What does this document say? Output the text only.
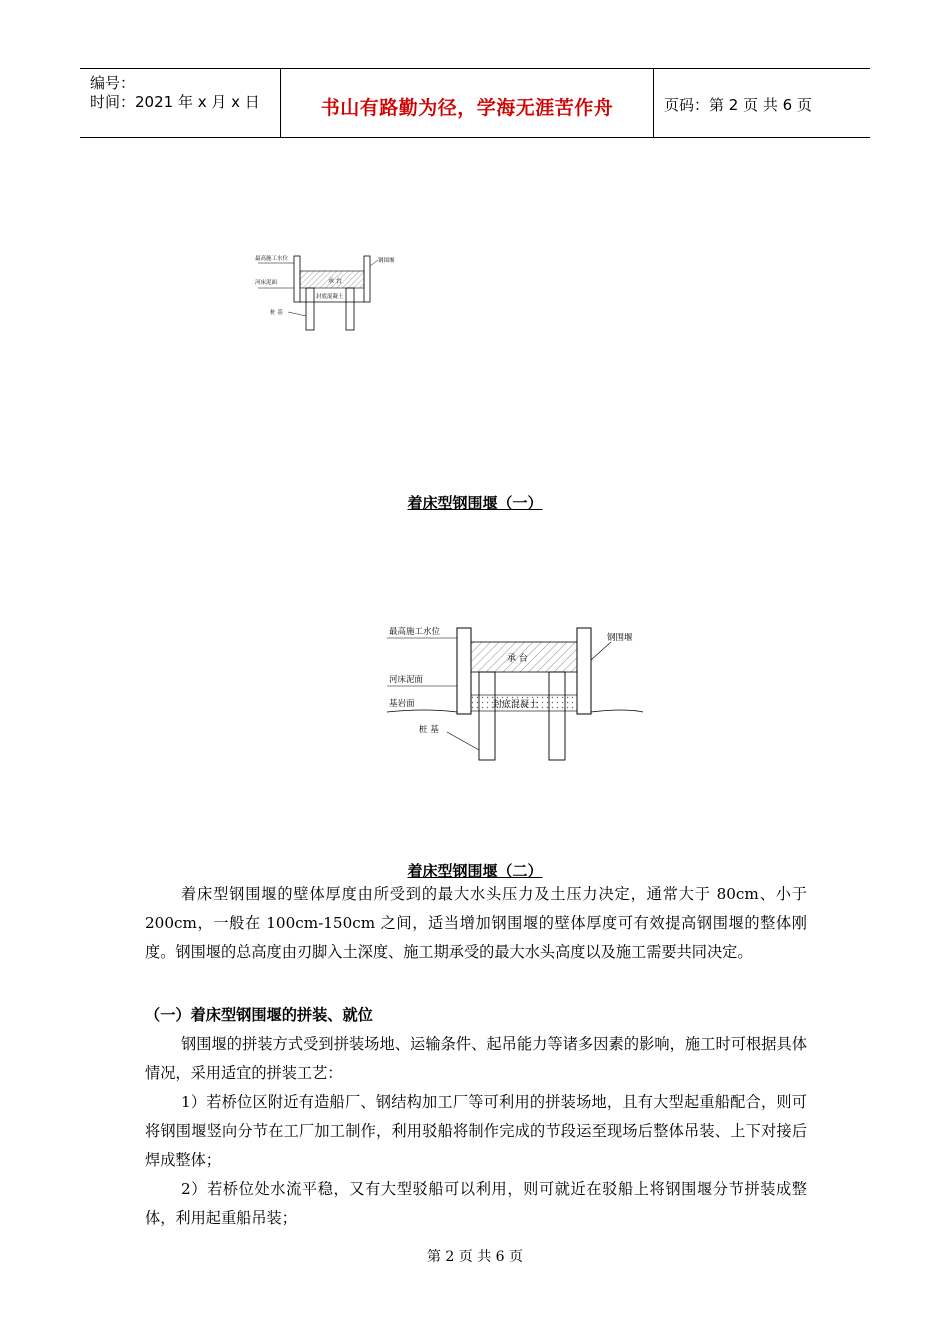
编号：
时间：2021 年 x 月 x 日	书山有路勤为径，学海无涯苦作舟	页码：第 2 页 共 6 页
承 台
封底混凝土
最高施工水位
河床泥面
钢围堰
桩 基
着床型钢围堰（一）
承 台
封底混凝土
最高施工水位
河床泥面
基岩面
钢围堰
桩 基
着床型钢围堰（二）
着床型钢围堰的壁体厚度由所受到的最大水头压力及土压力决定，通常大于 80cm、小于 200cm，一般在 100cm-150cm 之间，适当增加钢围堰的壁体厚度可有效提高钢围堰的整体刚度。钢围堰的总高度由刃脚入土深度、施工期承受的最大水头高度以及施工需要共同决定。
（一）着床型钢围堰的拼装、就位
钢围堰的拼装方式受到拼装场地、运输条件、起吊能力等诸多因素的影响，施工时可根据具体情况，采用适宜的拼装工艺：
1）若桥位区附近有造船厂、钢结构加工厂等可利用的拼装场地，且有大型起重船配合，则可将钢围堰竖向分节在工厂加工制作，利用驳船将制作完成的节段运至现场后整体吊装、上下对接后焊成整体；
2）若桥位处水流平稳，又有大型驳船可以利用，则可就近在驳船上将钢围堰分节拼装成整体，利用起重船吊装；
第 2 页 共 6 页
